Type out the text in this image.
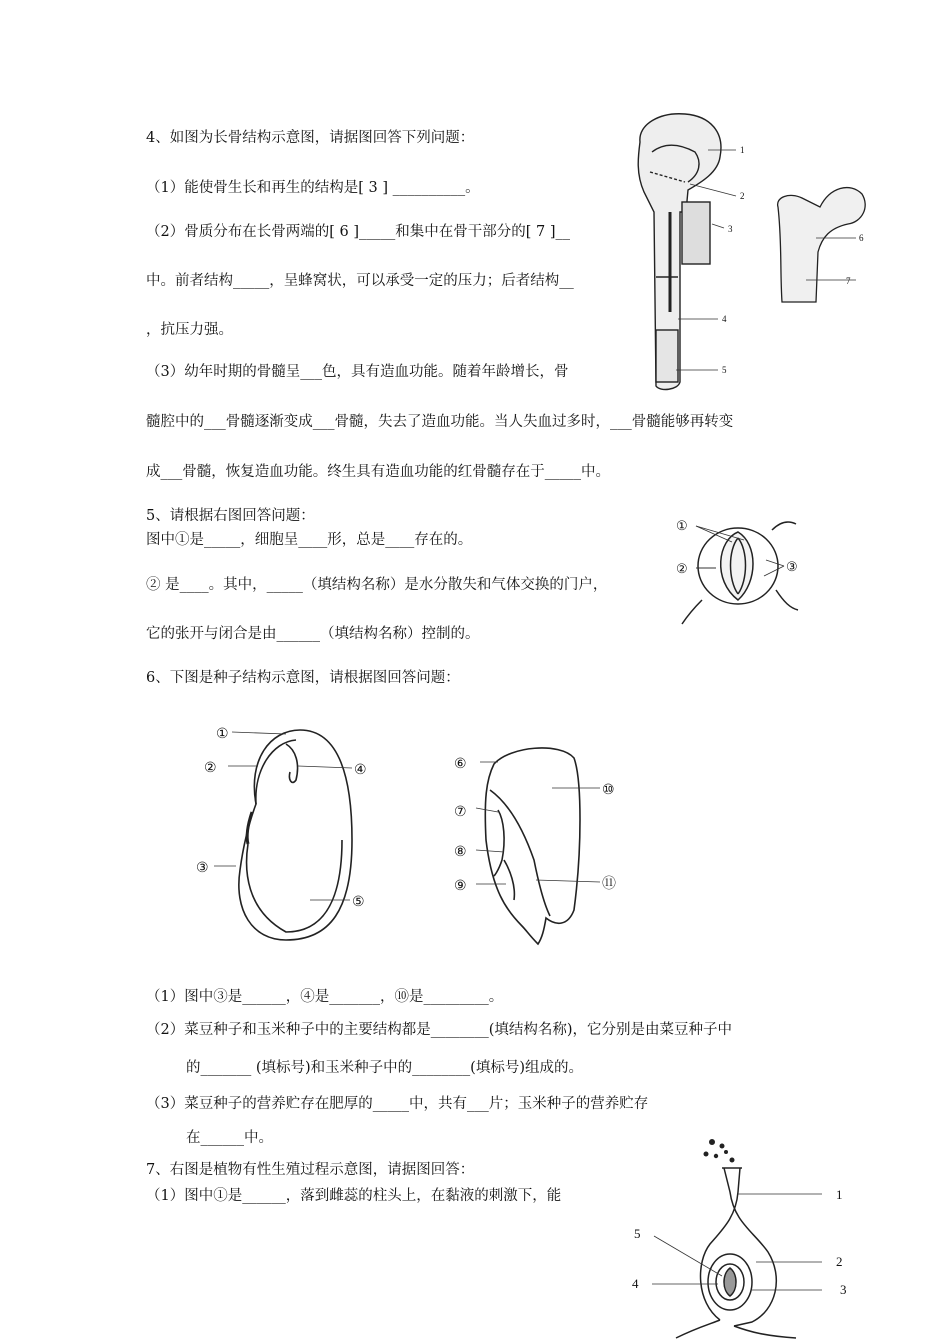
4、如图为长骨结构示意图，请据图回答下列问题：
（1）能使骨生长和再生的结构是[ 3 ] __________。
（2）骨质分布在长骨两端的[ 6 ]_____和集中在骨干部分的[ 7 ]__
中。前者结构_____，呈蜂窝状，可以承受一定的压力；后者结构__
，抗压力强。
（3）幼年时期的骨髓呈___色，具有造血功能。随着年龄增长，骨
髓腔中的___骨髓逐渐变成___骨髓，失去了造血功能。当人失血过多时，___骨髓能够再转变
成___骨髓，恢复造血功能。终生具有造血功能的红骨髓存在于_____中。
1
2
3
4
5
6
7
5、请根据右图回答问题：
图中①是_____，细胞呈____形，总是____存在的。
② 是____。其中，_____（填结构名称）是水分散失和气体交换的门户，
它的张开与闭合是由______（填结构名称）控制的。
①
②	③
6、下图是种子结构示意图，请根据图回答问题：
①
②
③
④
⑤
⑥
⑦
⑧
⑨
⑩
⑪
（1）图中③是______，④是_______，⑩是_________。
（2）菜豆种子和玉米种子中的主要结构都是________(填结构名称)，它分别是由菜豆种子中
的_______ (填标号)和玉米种子中的________(填标号)组成的。
（3）菜豆种子的营养贮存在肥厚的_____中，共有___片；玉米种子的营养贮存
在______中。
7、右图是植物有性生殖过程示意图，请据图回答：
（1）图中①是______，落到雌蕊的柱头上，在黏液的刺激下，能	1
2
3
4
5
